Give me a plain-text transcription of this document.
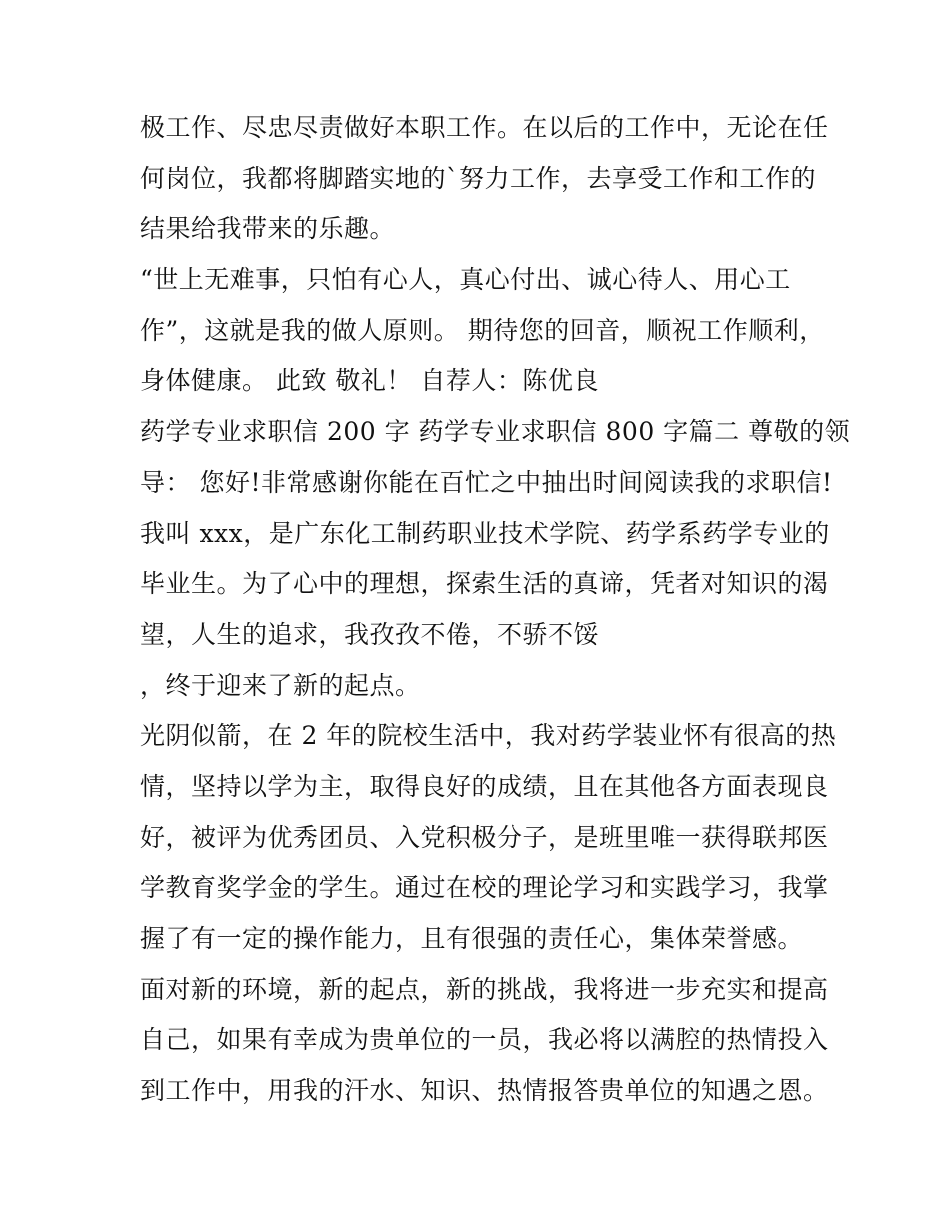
极工作、尽忠尽责做好本职工作。在以后的工作中，无论在任
何岗位，我都将脚踏实地的`努力工作，去享受工作和工作的
结果给我带来的乐趣。
“世上无难事，只怕有心人，真心付出、诚心待人、用心工
作”，这就是我的做人原则。 期待您的回音，顺祝工作顺利，
身体健康。 此致 敬礼！ 自荐人：陈优良
药学专业求职信 200 字 药学专业求职信 800 字篇二 尊敬的领
导： 您好!非常感谢你能在百忙之中抽出时间阅读我的求职信!
我叫 xxx，是广东化工制药职业技术学院、药学系药学专业的
毕业生。为了心中的理想，探索生活的真谛，凭者对知识的渴
望，人生的追求，我孜孜不倦，不骄不馁
，终于迎来了新的起点。
光阴似箭，在 2 年的院校生活中，我对药学装业怀有很高的热
情，坚持以学为主，取得良好的成绩，且在其他各方面表现良
好，被评为优秀团员、入党积极分子，是班里唯一获得联邦医
学教育奖学金的学生。通过在校的理论学习和实践学习，我掌
握了有一定的操作能力，且有很强的责任心，集体荣誉感。
面对新的环境，新的起点，新的挑战，我将进一步充实和提高
自己，如果有幸成为贵单位的一员，我必将以满腔的热情投入
到工作中，用我的汗水、知识、热情报答贵单位的知遇之恩。
